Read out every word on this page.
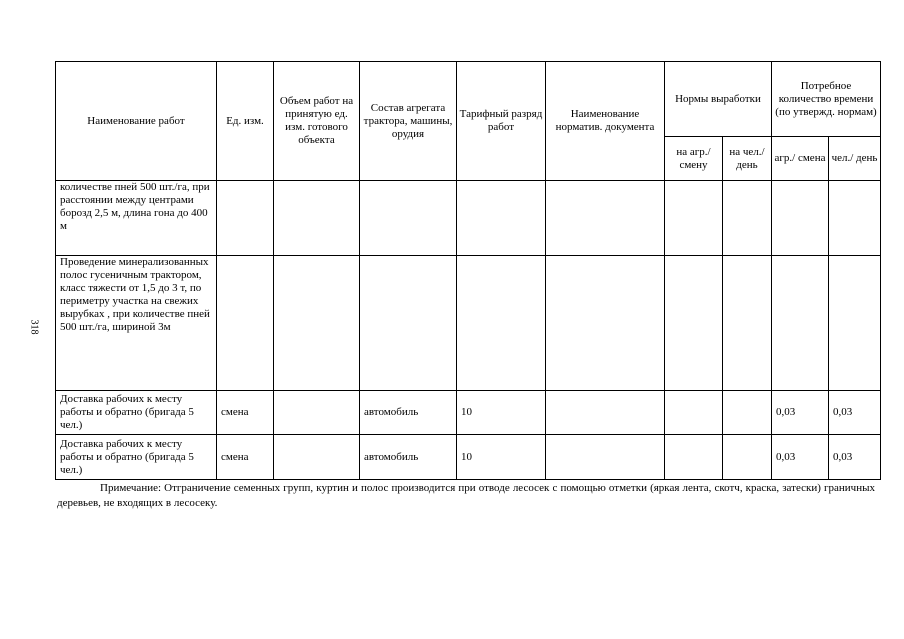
318
Наименование работ	Ед. изм.	Объем работ на принятую ед. изм. готового объекта	Состав агрегата трактора, машины, орудия	Тарифный разряд работ	Наименование норматив. документа	Нормы выработки		Потребное количество времени (по утвержд. нормам)	
						на агр./ смену	на чел./ день	агр./ смена	чел./ день
количестве пней 500 шт./га, при расстоянии между центрами борозд 2,5 м, длина гона до 400 м									
Проведение минерализованных полос гусеничным трактором, класс тяжести от 1,5 до 3 т, по периметру участка на свежих вырубках , при количестве пней 500 шт./га, шириной 3м									
Доставка рабочих к месту работы и обратно (бригада 5 чел.)	смена		автомобиль	10				0,03	0,03
Доставка рабочих к месту работы и обратно (бригада 5 чел.)	смена		автомобиль	10				0,03	0,03
Примечание: Отграничение семенных групп, куртин и полос производится при отводе лесосек с помощью отметки (яркая лента, скотч, краска, затески) граничных деревьев, не входящих в лесосеку.
